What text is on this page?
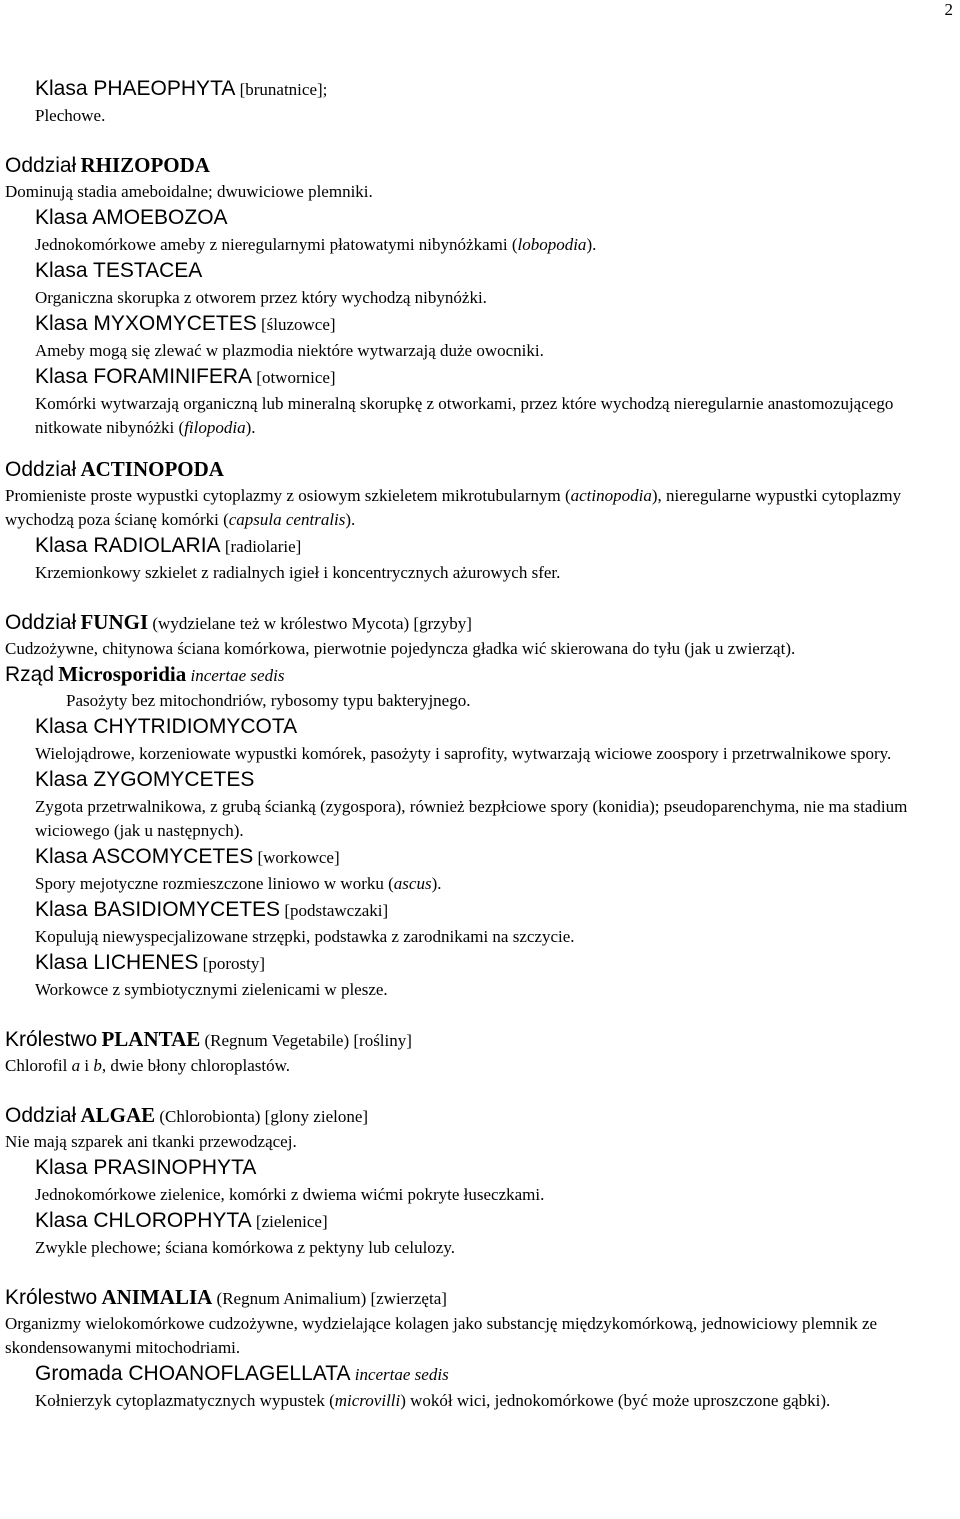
2
Klasa PHAEOPHYTA [brunatnice];
Plechowe.
Oddział RHIZOPODA
Dominują stadia ameboidalne; dwuwiciowe plemniki.
Klasa AMOEBOZOA
Jednokomórkowe ameby z nieregularnymi płatowatymi nibynóżkami (lobopodia).
Klasa TESTACEA
Organiczna skorupka z otworem przez który wychodzą nibynóżki.
Klasa MYXOMYCETES [śluzowce]
Ameby mogą się zlewać w plazmodia niektóre wytwarzają duże owocniki.
Klasa FORAMINIFERA [otwornice]
Komórki wytwarzają organiczną lub mineralną skorupkę z otworkami, przez które wychodzą nieregularnie anastomozującego nitkowate nibynóżki (filopodia).
Oddział ACTINOPODA
Promieniste proste wypustki cytoplazmy z osiowym szkieletem mikrotubularnym (actinopodia), nieregularne wypustki cytoplazmy wychodzą poza ścianę komórki (capsula centralis).
Klasa RADIOLARIA [radiolarie]
Krzemionkowy szkielet z radialnych igieł i koncentrycznych ażurowych sfer.
Oddział FUNGI (wydzielane też w królestwo Mycota) [grzyby]
Cudzożywne, chitynowa ściana komórkowa, pierwotnie pojedyncza gładka wić skierowana do tyłu (jak u zwierząt).
Rząd Microsporidia incertae sedis
Pasożyty bez mitochondriów, rybosomy typu bakteryjnego.
Klasa CHYTRIDIOMYCOTA
Wielojądrowe, korzeniowate wypustki komórek, pasożyty i saprofity, wytwarzają wiciowe zoospory i przetrwalnikowe spory.
Klasa ZYGOMYCETES
Zygota przetrwalnikowa, z grubą ścianką (zygospora), również bezpłciowe spory (konidia); pseudoparenchyma, nie ma stadium wiciowego (jak u następnych).
Klasa ASCOMYCETES [workowce]
Spory mejotyczne rozmieszczone liniowo w worku (ascus).
Klasa BASIDIOMYCETES [podstawczaki]
Kopulują niewyspecjalizowane strzępki, podstawka z zarodnikami na szczycie.
Klasa LICHENES [porosty]
Workowce z symbiotycznymi zielenicami w plesze.
Królestwo PLANTAE (Regnum Vegetabile) [rośliny]
Chlorofil a i b, dwie błony chloroplastów.
Oddział ALGAE (Chlorobionta) [glony zielone]
Nie mają szparek ani tkanki przewodzącej.
Klasa PRASINOPHYTA
Jednokomórkowe zielenice, komórki z dwiema wićmi pokryte łuseczkami.
Klasa CHLOROPHYTA [zielenice]
Zwykle plechowe; ściana komórkowa z pektyny lub celulozy.
Królestwo ANIMALIA (Regnum Animalium) [zwierzęta]
Organizmy wielokomórkowe cudzożywne, wydzielające kolagen jako substancję międzykomórkową, jednowiciowy plemnik ze skondensowanymi mitochodriami.
Gromada CHOANOFLAGELLATA incertae sedis
Kołnierzyk cytoplazmatycznych wypustek (microvilli) wokół wici, jednokomórkowe (być może uproszczone gąbki).
